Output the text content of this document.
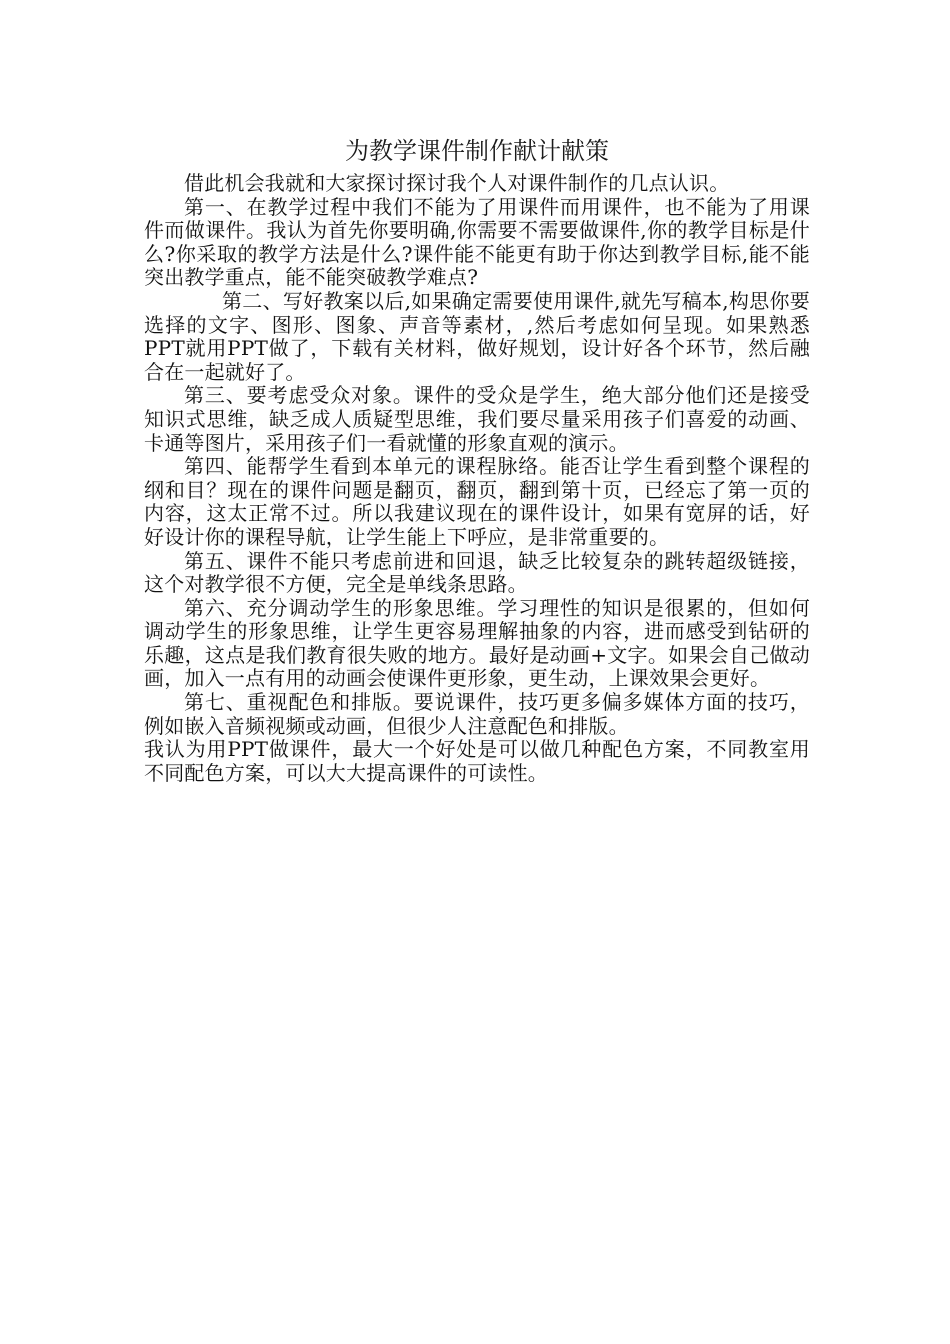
为教学课件制作献计献策

借此机会我就和大家探讨探讨我个人对课件制作的几点认识。

第一、在教学过程中我们不能为了用课件而用课件，也不能为了用课件而做课件。我认为首先你要明确,你需要不需要做课件,你的教学目标是什么?你采取的教学方法是什么?课件能不能更有助于你达到教学目标,能不能突出教学重点，能不能突破教学难点?

第二、写好教案以后,如果确定需要使用课件,就先写稿本,构思你要选择的文字、图形、图象、声音等素材，,然后考虑如何呈现。如果熟悉PPT就用PPT做了，下载有关材料，做好规划，设计好各个环节，然后融合在一起就好了。

第三、要考虑受众对象。课件的受众是学生，绝大部分他们还是接受知识式思维，缺乏成人质疑型思维，我们要尽量采用孩子们喜爱的动画、卡通等图片，采用孩子们一看就懂的形象直观的演示。

第四、能帮学生看到本单元的课程脉络。能否让学生看到整个课程的纲和目？现在的课件问题是翻页，翻页，翻到第十页，已经忘了第一页的内容，这太正常不过。所以我建议现在的课件设计，如果有宽屏的话，好好设计你的课程导航，让学生能上下呼应，是非常重要的。

第五、课件不能只考虑前进和回退，缺乏比较复杂的跳转超级链接，这个对教学很不方便，完全是单线条思路。

第六、充分调动学生的形象思维。学习理性的知识是很累的，但如何调动学生的形象思维，让学生更容易理解抽象的内容，进而感受到钻研的乐趣，这点是我们教育很失败的地方。最好是动画+文字。如果会自己做动画，加入一点有用的动画会使课件更形象，更生动，上课效果会更好。

第七、重视配色和排版。要说课件，技巧更多偏多媒体方面的技巧，例如嵌入音频视频或动画，但很少人注意配色和排版。

我认为用PPT做课件，最大一个好处是可以做几种配色方案，不同教室用不同配色方案，可以大大提高课件的可读性。
